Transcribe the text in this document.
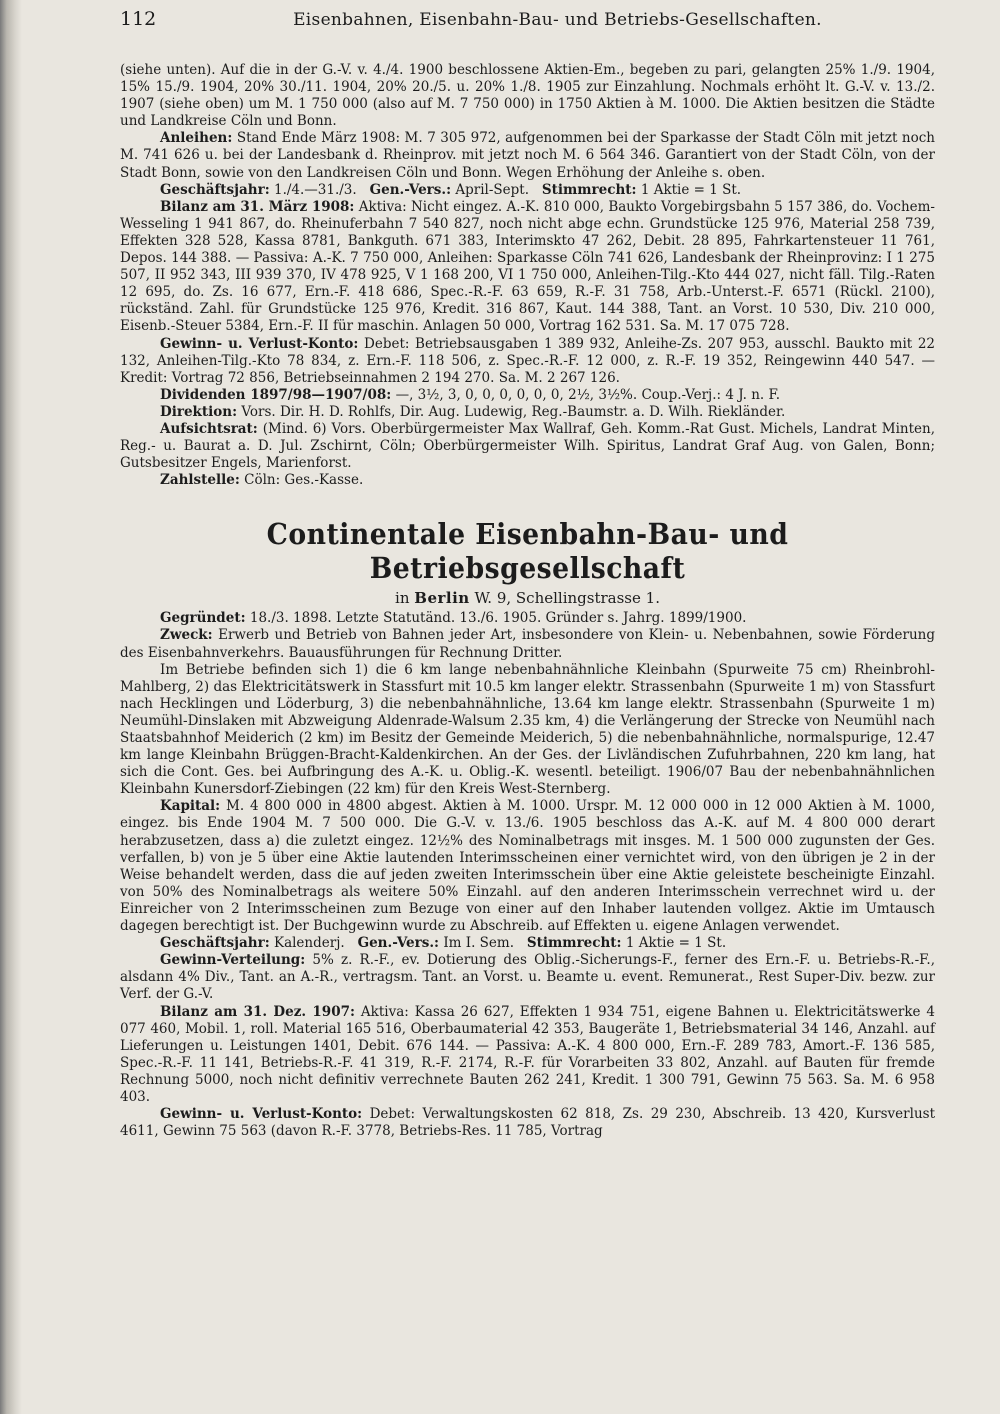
112	Eisenbahnen, Eisenbahn-Bau- und Betriebs-Gesellschaften.

(siehe unten). Auf die in der G.-V. v. 4./4. 1900 beschlossene Aktien-Em., begeben zu pari, gelangten 25% 1./9. 1904, 15% 15./9. 1904, 20% 30./11. 1904, 20% 20./5. u. 20% 1./8. 1905 zur Einzahlung. Nochmals erhöht lt. G.-V. v. 13./2. 1907 (siehe oben) um M. 1 750 000 (also auf M. 7 750 000) in 1750 Aktien à M. 1000. Die Aktien besitzen die Städte und Landkreise Cöln und Bonn.

Anleihen: Stand Ende März 1908: M. 7 305 972, aufgenommen bei der Sparkasse der Stadt Cöln mit jetzt noch M. 741 626 u. bei der Landesbank d. Rheinprov. mit jetzt noch M. 6 564 346. Garantiert von der Stadt Cöln, von der Stadt Bonn, sowie von den Landkreisen Cöln und Bonn. Wegen Erhöhung der Anleihe s. oben.

Geschäftsjahr: 1./4.—31./3. Gen.-Vers.: April-Sept. Stimmrecht: 1 Aktie = 1 St.

Bilanz am 31. März 1908: Aktiva: Nicht eingez. A.-K. 810 000, Baukto Vorgebirgsbahn 5 157 386, do. Vochem-Wesseling 1 941 867, do. Rheinuferbahn 7 540 827, noch nicht abge echn. Grundstücke 125 976, Material 258 739, Effekten 328 528, Kassa 8781, Bankguth. 671 383, Interimskto 47 262, Debit. 28 895, Fahrkartensteuer 11 761, Depos. 144 388. — Passiva: A.-K. 7 750 000, Anleihen: Sparkasse Cöln 741 626, Landesbank der Rheinprovinz: I 1 275 507, II 952 343, III 939 370, IV 478 925, V 1 168 200, VI 1 750 000, Anleihen-Tilg.-Kto 444 027, nicht fäll. Tilg.-Raten 12 695, do. Zs. 16 677, Ern.-F. 418 686, Spec.-R.-F. 63 659, R.-F. 31 758, Arb.-Unterst.-F. 6571 (Rückl. 2100), rückständ. Zahl. für Grundstücke 125 976, Kredit. 316 867, Kaut. 144 388, Tant. an Vorst. 10 530, Div. 210 000, Eisenb.-Steuer 5384, Ern.-F. II für maschin. Anlagen 50 000, Vortrag 162 531. Sa. M. 17 075 728.

Gewinn- u. Verlust-Konto: Debet: Betriebsausgaben 1 389 932, Anleihe-Zs. 207 953, ausschl. Baukto mit 22 132, Anleihen-Tilg.-Kto 78 834, z. Ern.-F. 118 506, z. Spec.-R.-F. 12 000, z. R.-F. 19 352, Reingewinn 440 547. — Kredit: Vortrag 72 856, Betriebseinnahmen 2 194 270. Sa. M. 2 267 126.

Dividenden 1897/98—1907/08: —, 3½, 3, 0, 0, 0, 0, 0, 0, 2½, 3½%. Coup.-Verj.: 4 J. n. F.

Direktion: Vors. Dir. H. D. Rohlfs, Dir. Aug. Ludewig, Reg.-Baumstr. a. D. Wilh. Riekländer.

Aufsichtsrat: (Mind. 6) Vors. Oberbürgermeister Max Wallraf, Geh. Komm.-Rat Gust. Michels, Landrat Minten, Reg.- u. Baurat a. D. Jul. Zschirnt, Cöln; Oberbürgermeister Wilh. Spiritus, Landrat Graf Aug. von Galen, Bonn; Gutsbesitzer Engels, Marienforst.

Zahlstelle: Cöln: Ges.-Kasse.

Continentale Eisenbahn-Bau- und Betriebsgesellschaft
in Berlin W. 9, Schellingstrasse 1.

Gegründet: 18./3. 1898. Letzte Statutänd. 13./6. 1905. Gründer s. Jahrg. 1899/1900.

Zweck: Erwerb und Betrieb von Bahnen jeder Art, insbesondere von Klein- u. Nebenbahnen, sowie Förderung des Eisenbahnverkehrs. Bauausführungen für Rechnung Dritter.

Im Betriebe befinden sich 1) die 6 km lange nebenbahnähnliche Kleinbahn (Spurweite 75 cm) Rheinbrohl-Mahlberg, 2) das Elektricitätswerk in Stassfurt mit 10.5 km langer elektr. Strassenbahn (Spurweite 1 m) von Stassfurt nach Hecklingen und Löderburg, 3) die nebenbahnähnliche, 13.64 km lange elektr. Strassenbahn (Spurweite 1 m) Neumühl-Dinslaken mit Abzweigung Aldenrade-Walsum 2.35 km, 4) die Verlängerung der Strecke von Neumühl nach Staatsbahnhof Meiderich (2 km) im Besitz der Gemeinde Meiderich, 5) die nebenbahnähnliche, normalspurige, 12.47 km lange Kleinbahn Brüggen-Bracht-Kaldenkirchen. An der Ges. der Livländischen Zufuhrbahnen, 220 km lang, hat sich die Cont. Ges. bei Aufbringung des A.-K. u. Oblig.-K. wesentl. beteiligt. 1906/07 Bau der nebenbahnähnlichen Kleinbahn Kunersdorf-Ziebingen (22 km) für den Kreis West-Sternberg.

Kapital: M. 4 800 000 in 4800 abgest. Aktien à M. 1000. Urspr. M. 12 000 000 in 12 000 Aktien à M. 1000, eingez. bis Ende 1904 M. 7 500 000. Die G.-V. v. 13./6. 1905 beschloss das A.-K. auf M. 4 800 000 derart herabzusetzen, dass a) die zuletzt eingez. 12½% des Nominalbetrags mit insges. M. 1 500 000 zugunsten der Ges. verfallen, b) von je 5 über eine Aktie lautenden Interimsscheinen einer vernichtet wird, von den übrigen je 2 in der Weise behandelt werden, dass die auf jeden zweiten Interimsschein über eine Aktie geleistete bescheinigte Einzahl. von 50% des Nominalbetrags als weitere 50% Einzahl. auf den anderen Interimsschein verrechnet wird u. der Einreicher von 2 Interimsscheinen zum Bezuge von einer auf den Inhaber lautenden vollgez. Aktie im Umtausch dagegen berechtigt ist. Der Buchgewinn wurde zu Abschreib. auf Effekten u. eigene Anlagen verwendet.

Geschäftsjahr: Kalenderj. Gen.-Vers.: Im I. Sem. Stimmrecht: 1 Aktie = 1 St.

Gewinn-Verteilung: 5% z. R.-F., ev. Dotierung des Oblig.-Sicherungs-F., ferner des Ern.-F. u. Betriebs-R.-F., alsdann 4% Div., Tant. an A.-R., vertragsm. Tant. an Vorst. u. Beamte u. event. Remunerat., Rest Super-Div. bezw. zur Verf. der G.-V.

Bilanz am 31. Dez. 1907: Aktiva: Kassa 26 627, Effekten 1 934 751, eigene Bahnen u. Elektricitätswerke 4 077 460, Mobil. 1, roll. Material 165 516, Oberbaumaterial 42 353, Baugeräte 1, Betriebsmaterial 34 146, Anzahl. auf Lieferungen u. Leistungen 1401, Debit. 676 144. — Passiva: A.-K. 4 800 000, Ern.-F. 289 783, Amort.-F. 136 585, Spec.-R.-F. 11 141, Betriebs-R.-F. 41 319, R.-F. 2174, R.-F. für Vorarbeiten 33 802, Anzahl. auf Bauten für fremde Rechnung 5000, noch nicht definitiv verrechnete Bauten 262 241, Kredit. 1 300 791, Gewinn 75 563. Sa. M. 6 958 403.

Gewinn- u. Verlust-Konto: Debet: Verwaltungskosten 62 818, Zs. 29 230, Abschreib. 13 420, Kursverlust 4611, Gewinn 75 563 (davon R.-F. 3778, Betriebs-Res. 11 785, Vortrag
